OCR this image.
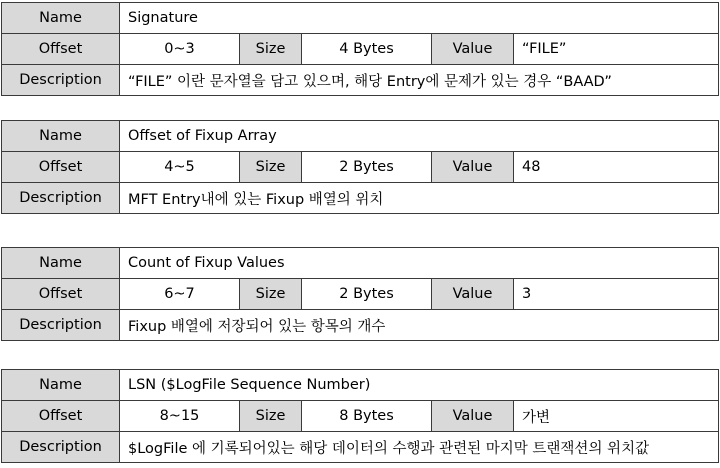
Name	Signature				
Offset	0~3	Size	4 Bytes	Value	“FILE”
Description	“FILE” 이란 문자열을 담고 있으며, 해당 Entry에 문제가 있는 경우 “BAAD”				
Name	Offset of Fixup Array				
Offset	4~5	Size	2 Bytes	Value	48
Description	MFT Entry내에 있는 Fixup 배열의 위치				
Name	Count of Fixup Values				
Offset	6~7	Size	2 Bytes	Value	3
Description	Fixup 배열에 저장되어 있는 항목의 개수				
Name	LSN ($LogFile Sequence Number)				
Offset	8~15	Size	8 Bytes	Value	가변
Description	$LogFile 에 기록되어있는 해당 데이터의 수행과 관련된 마지막 트랜잭션의 위치값				
